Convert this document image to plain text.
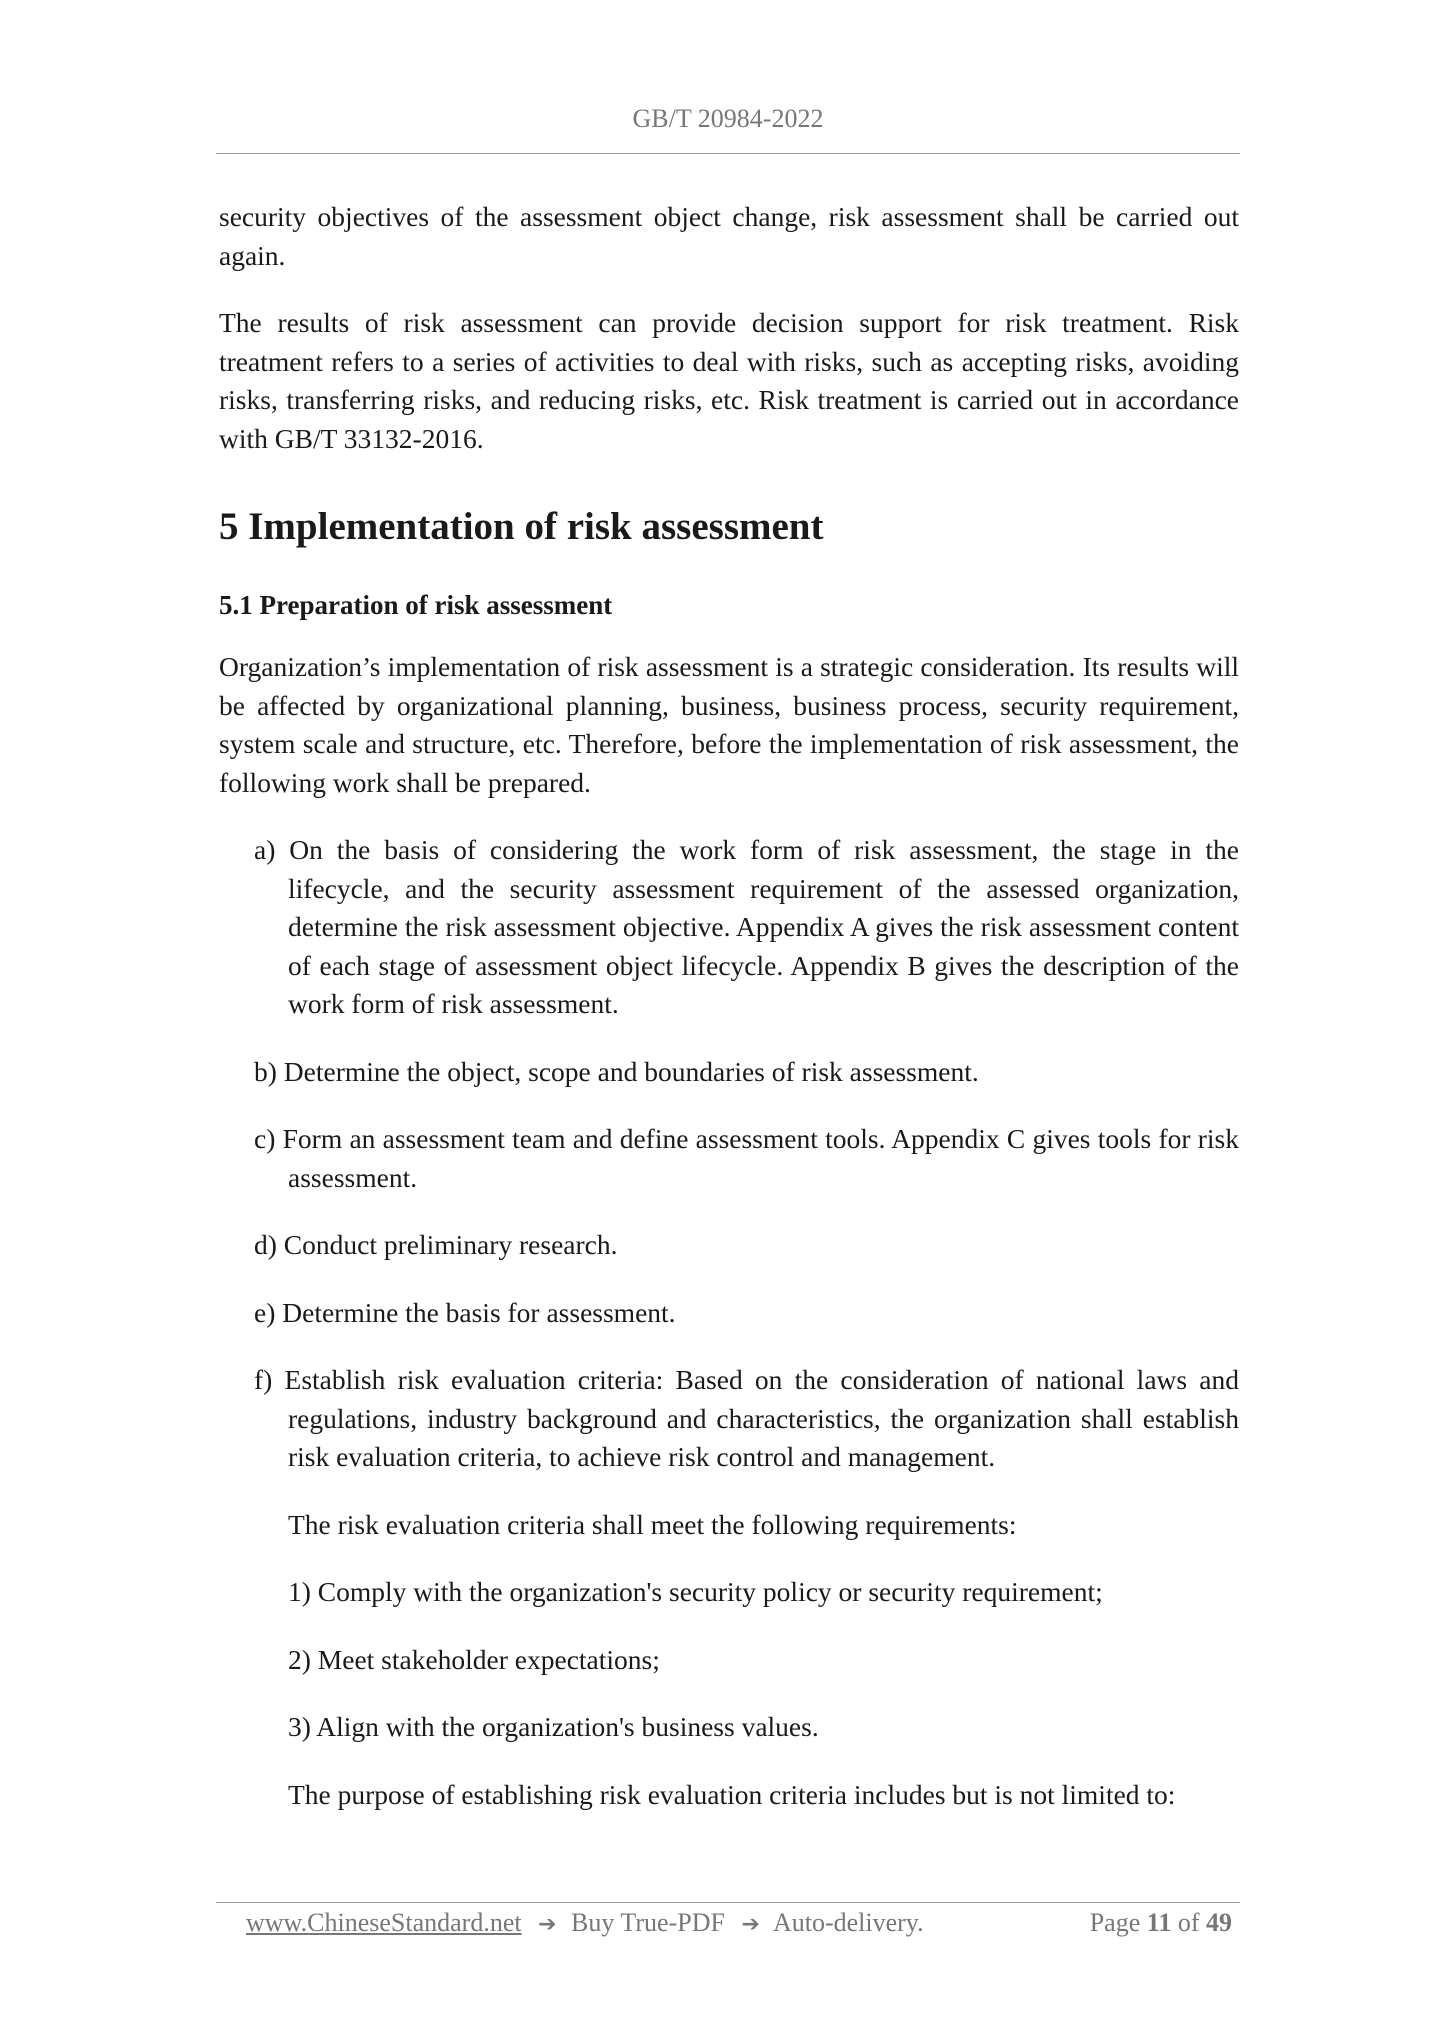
GB/T 20984-2022

security objectives of the assessment object change, risk assessment shall be carried out again.

The results of risk assessment can provide decision support for risk treatment. Risk treatment refers to a series of activities to deal with risks, such as accepting risks, avoiding risks, transferring risks, and reducing risks, etc. Risk treatment is carried out in accordance with GB/T 33132-2016.

5 Implementation of risk assessment
5.1 Preparation of risk assessment

Organization’s implementation of risk assessment is a strategic consideration. Its results will be affected by organizational planning, business, business process, security requirement, system scale and structure, etc. Therefore, before the implementation of risk assessment, the following work shall be prepared.

a) On the basis of considering the work form of risk assessment, the stage in the lifecycle, and the security assessment requirement of the assessed organization, determine the risk assessment objective. Appendix A gives the risk assessment content of each stage of assessment object lifecycle. Appendix B gives the description of the work form of risk assessment.
b) Determine the object, scope and boundaries of risk assessment.
c) Form an assessment team and define assessment tools. Appendix C gives tools for risk assessment.
d) Conduct preliminary research.
e) Determine the basis for assessment.
f) Establish risk evaluation criteria: Based on the consideration of national laws and regulations, industry background and characteristics, the organization shall establish risk evaluation criteria, to achieve risk control and management.

The risk evaluation criteria shall meet the following requirements:

1) Comply with the organization's security policy or security requirement;

2) Meet stakeholder expectations;

3) Align with the organization's business values.

The purpose of establishing risk evaluation criteria includes but is not limited to:

www.ChineseStandard.net ➔ Buy True-PDF ➔ Auto-delivery.	Page 11 of 49
